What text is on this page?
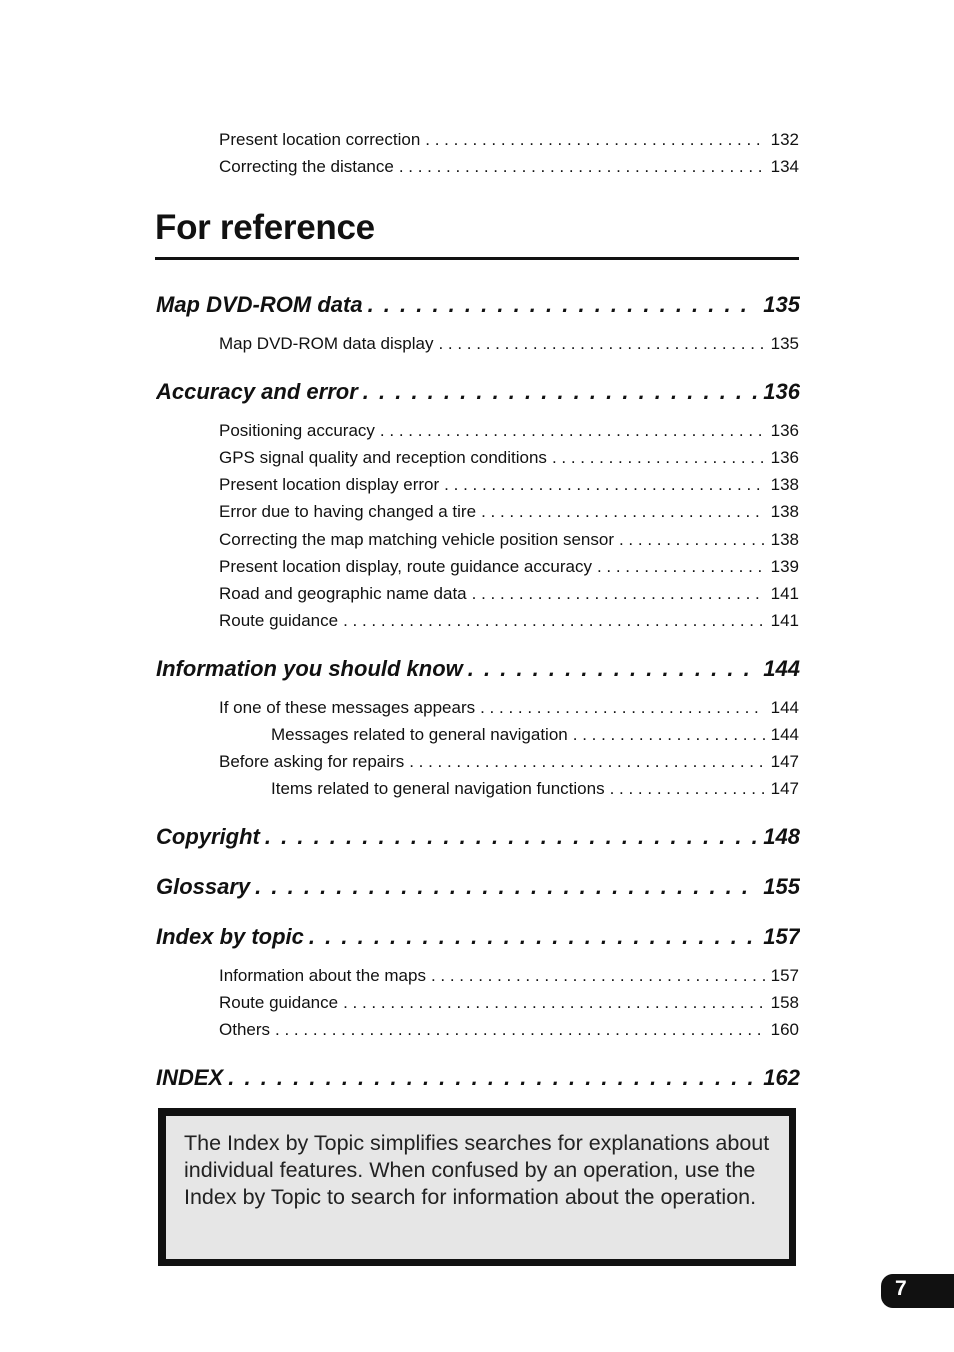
Present location correction . . .	132
Correcting the distance . . .	134
For reference
Map DVD-ROM data . . .	135
Map DVD-ROM data display . . .	135
Accuracy and error . . .	136
Positioning accuracy . . .	136
GPS signal quality and reception conditions . . .	136
Present location display error . . .	138
Error due to having changed a tire . . .	138
Correcting the map matching vehicle position sensor . . .	138
Present location display, route guidance accuracy . . .	139
Road and geographic name data . . .	141
Route guidance . . .	141
Information you should know . . .	144
If one of these messages appears . . .	144
Messages related to general navigation . . .	144
Before asking for repairs . . .	147
Items related to general navigation functions . . .	147
Copyright . . .	148
Glossary . . .	155
Index by topic . . .	157
Information about the maps . . .	157
Route guidance . . .	158
Others . . .	160
INDEX . . .	162

The Index by Topic simplifies searches for explanations about individual features. When confused by an operation, use the Index by Topic to search for information about the operation.

7
